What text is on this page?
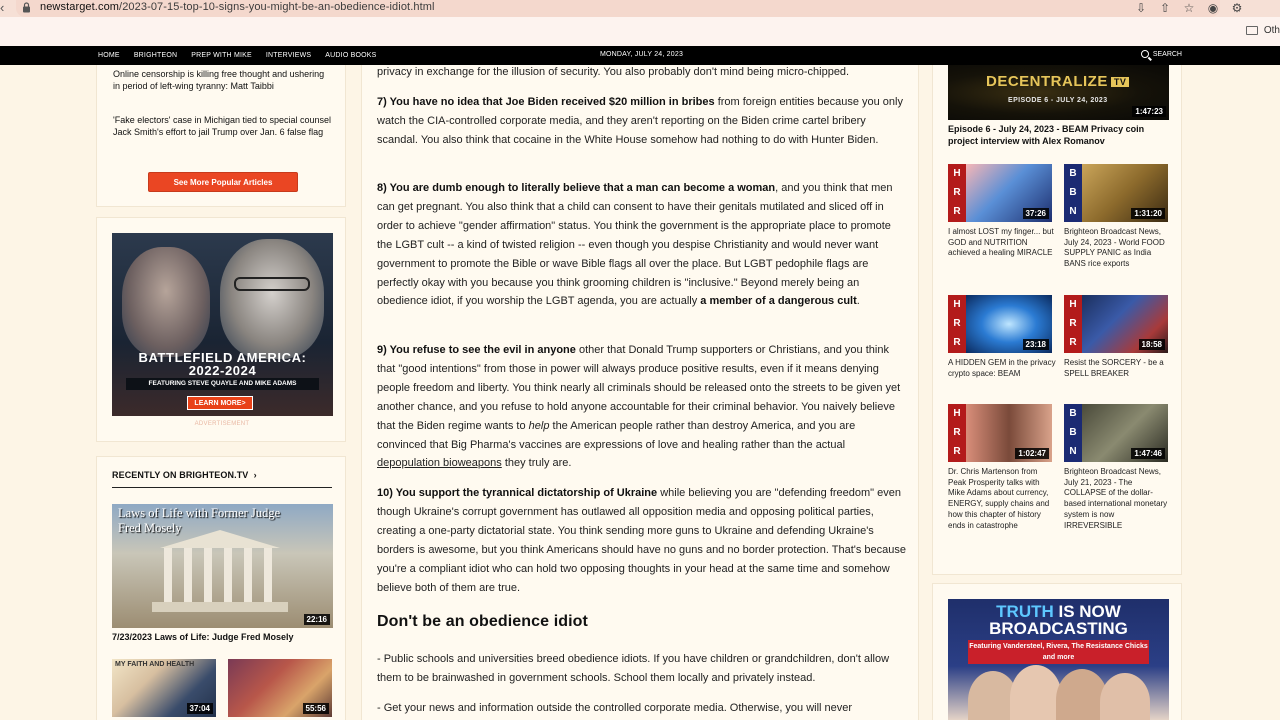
‹	newstarget.com/2023-07-15-top-10-signs-you-might-be-an-obedience-idiot.html	⇩ ⇧ ☆ ◉ ⚙
Oth
HOME BRIGHTEON PREP WITH MIKE INTERVIEWS AUDIO BOOKS	MONDAY, JULY 24, 2023	SEARCH
Online censorship is killing free thought and ushering in period of left-wing tyranny: Matt Taibbi
'Fake electors' case in Michigan tied to special counsel Jack Smith's effort to jail Trump over Jan. 6 false flag
See More Popular Articles
BATTLEFIELD AMERICA:
2022-2024
FEATURING STEVE QUAYLE AND MIKE ADAMS
LEARN MORE>
ADVERTISEMENT
RECENTLY ON BRIGHTEON.TV ›
Laws of Life with Former Judge Fred Mosely
22:16
7/23/2023 Laws of Life: Judge Fred Mosely
MY FAITH AND HEALTH
37:04	55:56

privacy in exchange for the illusion of security. You also probably don't mind being micro-chipped.

7) You have no idea that Joe Biden received $20 million in bribes from foreign entities because you only watch the CIA-controlled corporate media, and they aren't reporting on the Biden crime cartel bribery scandal. You also think that cocaine in the White House somehow had nothing to do with Hunter Biden.

8) You are dumb enough to literally believe that a man can become a woman, and you think that men can get pregnant. You also think that a child can consent to have their genitals mutilated and sliced off in order to achieve "gender affirmation" status. You think the government is the appropriate place to promote the LGBT cult -- a kind of twisted religion -- even though you despise Christianity and would never want government to promote the Bible or wave Bible flags all over the place. But LGBT pedophile flags are perfectly okay with you because you think grooming children is "inclusive." Beyond merely being an obedience idiot, if you worship the LGBT agenda, you are actually a member of a dangerous cult.

9) You refuse to see the evil in anyone other that Donald Trump supporters or Christians, and you think that "good intentions" from those in power will always produce positive results, even if it means denying people freedom and liberty. You think nearly all criminals should be released onto the streets to be given yet another chance, and you refuse to hold anyone accountable for their criminal behavior. You naively believe that the Biden regime wants to help the American people rather than destroy America, and you are convinced that Big Pharma's vaccines are expressions of love and healing rather than the actual depopulation bioweapons they truly are.

10) You support the tyrannical dictatorship of Ukraine while believing you are "defending freedom" even though Ukraine's corrupt government has outlawed all opposition media and opposing political parties, creating a one-party dictatorial state. You think sending more guns to Ukraine and defending Ukraine's borders is awesome, but you think Americans should have no guns and no border protection. That's because you're a compliant idiot who can hold two opposing thoughts in your head at the same time and somehow believe both of them are true.

Don't be an obedience idiot

- Public schools and universities breed obedience idiots. If you have children or grandchildren, don't allow them to be brainwashed in government schools. School them locally and privately instead.

- Get your news and information outside the controlled corporate media. Otherwise, you will never

DECENTRALIZE TV
EPISODE 6 - JULY 24, 2023
1:47:23
Episode 6 - July 24, 2023 - BEAM Privacy coin project interview with Alex Romanov
H
R
R	37:26
I almost LOST my finger... but GOD and NUTRITION achieved a healing MIRACLE
B
B
N	1:31:20
Brighteon Broadcast News, July 24, 2023 - World FOOD SUPPLY PANIC as India BANS rice exports
H
R
R	23:18
A HIDDEN GEM in the privacy crypto space: BEAM
H
R
R	18:58
Resist the SORCERY - be a SPELL BREAKER
H
R
R	1:02:47
Dr. Chris Martenson from Peak Prosperity talks with Mike Adams about currency, ENERGY, supply chains and how this chapter of history ends in catastrophe
B
B
N	1:47:46
Brighteon Broadcast News, July 21, 2023 - The COLLAPSE of the dollar-based international monetary system is now IRREVERSIBLE
TRUTH IS NOW
BROADCASTING
Featuring Vandersteel, Rivera, The Resistance Chicks and more
